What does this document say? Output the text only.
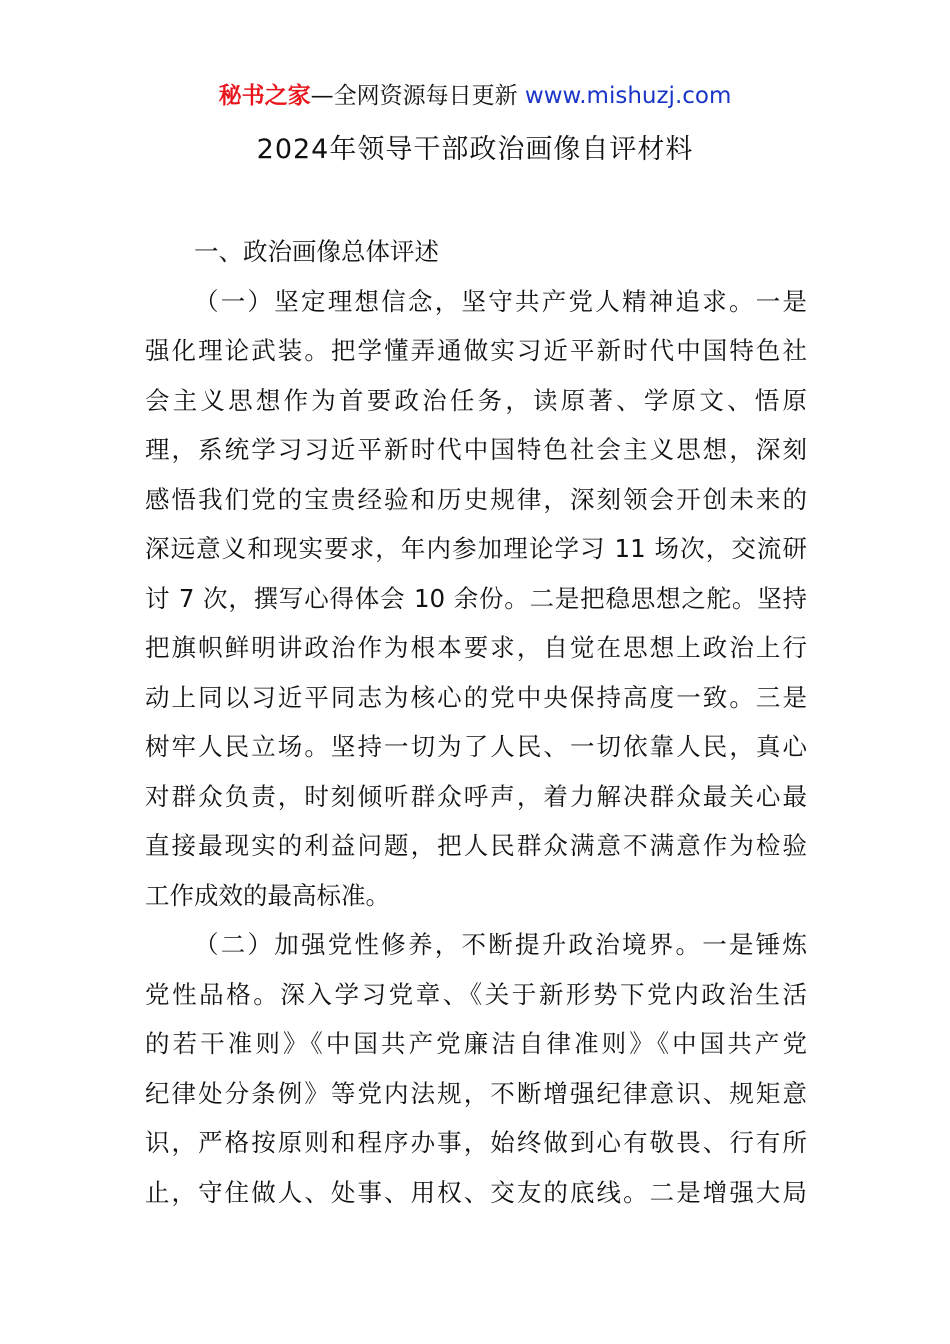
秘书之家—全网资源每日更新 www.mishuzj.com
2024年领导干部政治画像自评材料
一、政治画像总体评述
（一）坚定理想信念，坚守共产党人精神追求。一是
强化理论武装。把学懂弄通做实习近平新时代中国特色社
会主义思想作为首要政治任务，读原著、学原文、悟原
理，系统学习习近平新时代中国特色社会主义思想，深刻
感悟我们党的宝贵经验和历史规律，深刻领会开创未来的
深远意义和现实要求，年内参加理论学习 11 场次，交流研
讨 7 次，撰写心得体会 10 余份。二是把稳思想之舵。坚持
把旗帜鲜明讲政治作为根本要求，自觉在思想上政治上行
动上同以习近平同志为核心的党中央保持高度一致。三是
树牢人民立场。坚持一切为了人民、一切依靠人民，真心
对群众负责，时刻倾听群众呼声，着力解决群众最关心最
直接最现实的利益问题，把人民群众满意不满意作为检验
工作成效的最高标准。
（二）加强党性修养，不断提升政治境界。一是锤炼
党性品格。深入学习党章、《关于新形势下党内政治生活
的若干准则》《中国共产党廉洁自律准则》《中国共产党
纪律处分条例》等党内法规，不断增强纪律意识、规矩意
识，严格按原则和程序办事，始终做到心有敬畏、行有所
止，守住做人、处事、用权、交友的底线。二是增强大局
